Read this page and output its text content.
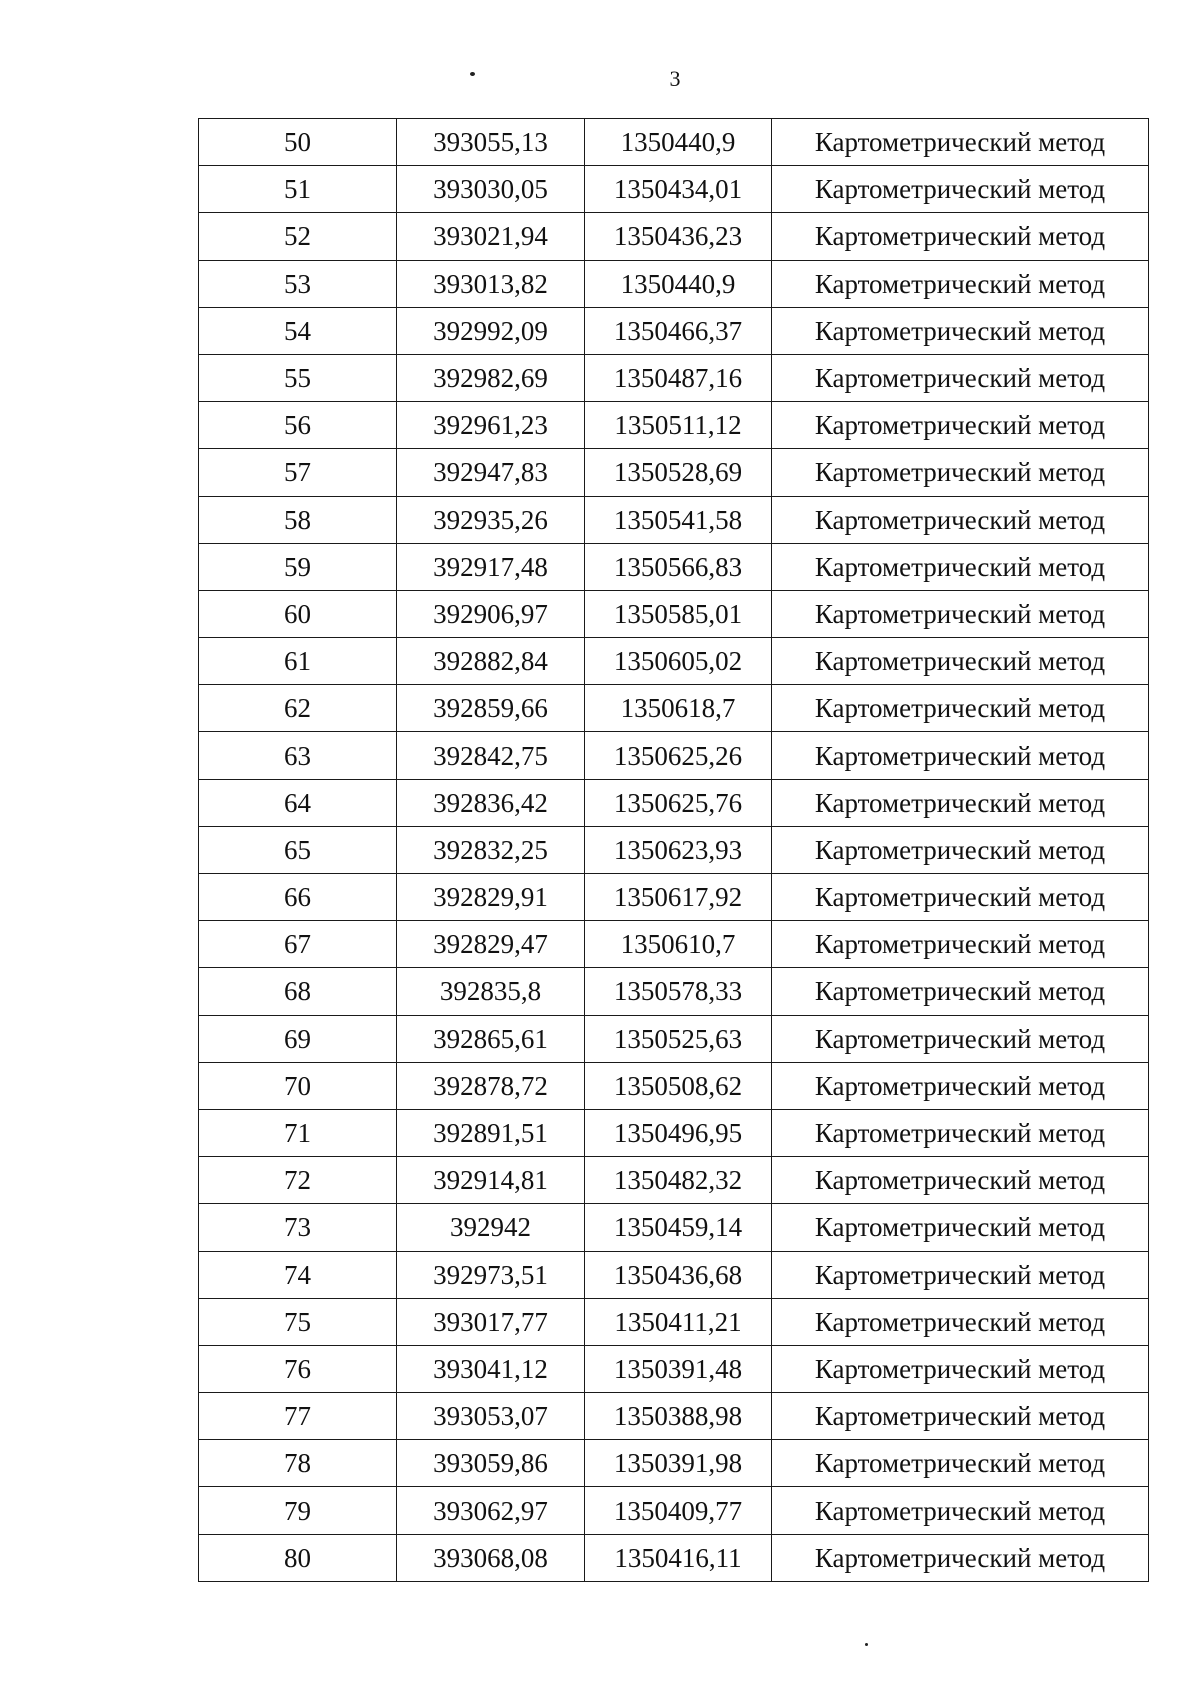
3
50	393055,13	1350440,9	Картометрический метод
51	393030,05	1350434,01	Картометрический метод
52	393021,94	1350436,23	Картометрический метод
53	393013,82	1350440,9	Картометрический метод
54	392992,09	1350466,37	Картометрический метод
55	392982,69	1350487,16	Картометрический метод
56	392961,23	1350511,12	Картометрический метод
57	392947,83	1350528,69	Картометрический метод
58	392935,26	1350541,58	Картометрический метод
59	392917,48	1350566,83	Картометрический метод
60	392906,97	1350585,01	Картометрический метод
61	392882,84	1350605,02	Картометрический метод
62	392859,66	1350618,7	Картометрический метод
63	392842,75	1350625,26	Картометрический метод
64	392836,42	1350625,76	Картометрический метод
65	392832,25	1350623,93	Картометрический метод
66	392829,91	1350617,92	Картометрический метод
67	392829,47	1350610,7	Картометрический метод
68	392835,8	1350578,33	Картометрический метод
69	392865,61	1350525,63	Картометрический метод
70	392878,72	1350508,62	Картометрический метод
71	392891,51	1350496,95	Картометрический метод
72	392914,81	1350482,32	Картометрический метод
73	392942	1350459,14	Картометрический метод
74	392973,51	1350436,68	Картометрический метод
75	393017,77	1350411,21	Картометрический метод
76	393041,12	1350391,48	Картометрический метод
77	393053,07	1350388,98	Картометрический метод
78	393059,86	1350391,98	Картометрический метод
79	393062,97	1350409,77	Картометрический метод
80	393068,08	1350416,11	Картометрический метод
